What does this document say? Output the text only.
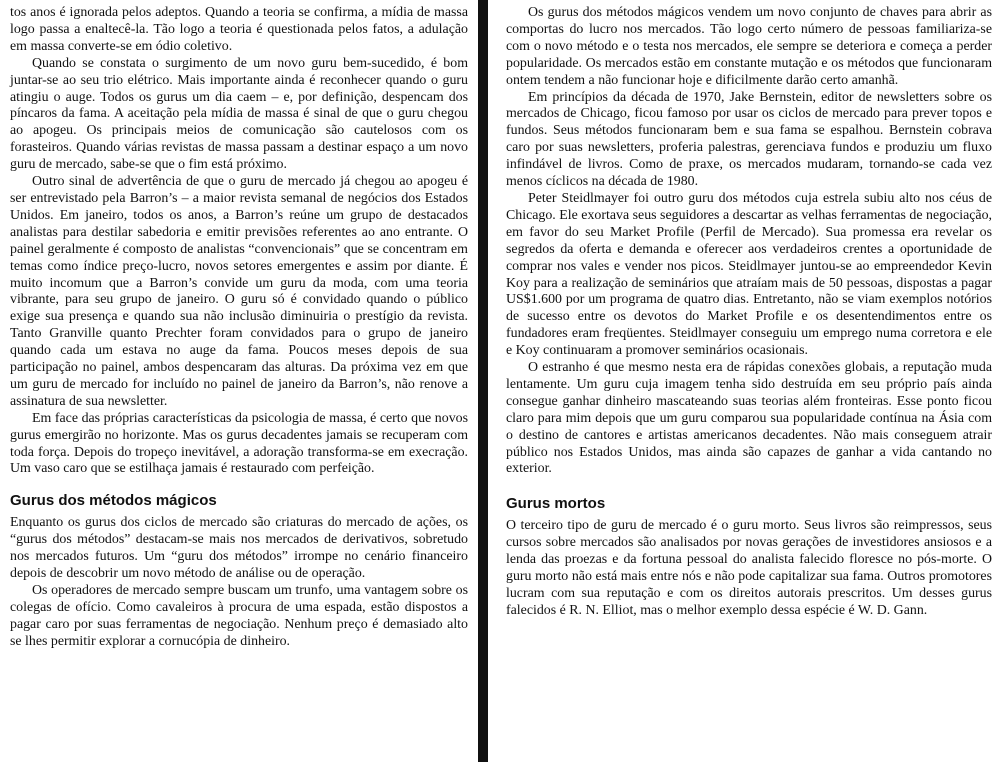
tos anos é ignorada pelos adeptos. Quando a teoria se confirma, a mídia de massa logo passa a enaltecê-la. Tão logo a teoria é questionada pelos fatos, a adulação em massa converte-se em ódio coletivo.

Quando se constata o surgimento de um novo guru bem-sucedido, é bom juntar-se ao seu trio elétrico. Mais importante ainda é reconhecer quando o guru atingiu o auge. Todos os gurus um dia caem – e, por definição, despencam dos píncaros da fama. A aceitação pela mídia de massa é sinal de que o guru chegou ao apogeu. Os principais meios de comunicação são cautelosos com os forasteiros. Quando várias revistas de massa passam a destinar espaço a um novo guru de mercado, sabe-se que o fim está próximo.

Outro sinal de advertência de que o guru de mercado já chegou ao apogeu é ser entrevistado pela Barron’s – a maior revista semanal de negócios dos Estados Unidos. Em janeiro, todos os anos, a Barron’s reúne um grupo de destacados analistas para destilar sabedoria e emitir previsões referentes ao ano entrante. O painel geralmente é composto de analistas “convencionais” que se concentram em temas como índice preço-lucro, novos setores emergentes e assim por diante. É muito incomum que a Barron’s convide um guru da moda, com uma teoria vibrante, para seu grupo de janeiro. O guru só é convidado quando o público exige sua presença e quando sua não inclusão diminuiria o prestígio da revista. Tanto Granville quanto Prechter foram convidados para o grupo de janeiro quando cada um estava no auge da fama. Poucos meses depois de sua participação no painel, ambos despencaram das alturas. Da próxima vez em que um guru de mercado for incluído no painel de janeiro da Barron’s, não renove a assinatura de sua newsletter.

Em face das próprias características da psicologia de massa, é certo que novos gurus emergirão no horizonte. Mas os gurus decadentes jamais se recuperam com toda força. Depois do tropeço inevitável, a adoração transforma-se em execração. Um vaso caro que se estilhaça jamais é restaurado com perfeição.

Gurus dos métodos mágicos

Enquanto os gurus dos ciclos de mercado são criaturas do mercado de ações, os “gurus dos métodos” destacam-se mais nos mercados de derivativos, sobretudo nos mercados futuros. Um “guru dos métodos” irrompe no cenário financeiro depois de descobrir um novo método de análise ou de operação.

Os operadores de mercado sempre buscam um trunfo, uma vantagem sobre os colegas de ofício. Como cavaleiros à procura de uma espada, estão dispostos a pagar caro por suas ferramentas de negociação. Nenhum preço é demasiado alto se lhes permitir explorar a cornucópia de dinheiro.

Os gurus dos métodos mágicos vendem um novo conjunto de chaves para abrir as comportas do lucro nos mercados. Tão logo certo número de pessoas familiariza-se com o novo método e o testa nos mercados, ele sempre se deteriora e começa a perder popularidade. Os mercados estão em constante mutação e os métodos que funcionaram ontem tendem a não funcionar hoje e dificilmente darão certo amanhã.

Em princípios da década de 1970, Jake Bernstein, editor de newsletters sobre os mercados de Chicago, ficou famoso por usar os ciclos de mercado para prever topos e fundos. Seus métodos funcionaram bem e sua fama se espalhou. Bernstein cobrava caro por suas newsletters, proferia palestras, gerenciava fundos e produziu um fluxo infindável de livros. Como de praxe, os mercados mudaram, tornando-se cada vez menos cíclicos na década de 1980.

Peter Steidlmayer foi outro guru dos métodos cuja estrela subiu alto nos céus de Chicago. Ele exortava seus seguidores a descartar as velhas ferramentas de negociação, em favor do seu Market Profile (Perfil de Mercado). Sua promessa era revelar os segredos da oferta e demanda e oferecer aos verdadeiros crentes a oportunidade de comprar nos vales e vender nos picos. Steidlmayer juntou-se ao empreendedor Kevin Koy para a realização de seminários que atraíam mais de 50 pessoas, dispostas a pagar US$1.600 por um programa de quatro dias. Entretanto, não se viam exemplos notórios de sucesso entre os devotos do Market Profile e os desentendimentos entre os fundadores eram freqüentes. Steidlmayer conseguiu um emprego numa corretora e ele e Koy continuaram a promover seminários ocasionais.

O estranho é que mesmo nesta era de rápidas conexões globais, a reputação muda lentamente. Um guru cuja imagem tenha sido destruída em seu próprio país ainda consegue ganhar dinheiro mascateando suas teorias além fronteiras. Esse ponto ficou claro para mim depois que um guru comparou sua popularidade contínua na Ásia com o destino de cantores e artistas americanos decadentes. Não mais conseguem atrair público nos Estados Unidos, mas ainda são capazes de ganhar a vida cantando no exterior.

Gurus mortos

O terceiro tipo de guru de mercado é o guru morto. Seus livros são reimpressos, seus cursos sobre mercados são analisados por novas gerações de investidores ansiosos e a lenda das proezas e da fortuna pessoal do analista falecido floresce no pós-morte. O guru morto não está mais entre nós e não pode capitalizar sua fama. Outros promotores lucram com sua reputação e com os direitos autorais prescritos. Um desses gurus falecidos é R. N. Elliot, mas o melhor exemplo dessa espécie é W. D. Gann.
